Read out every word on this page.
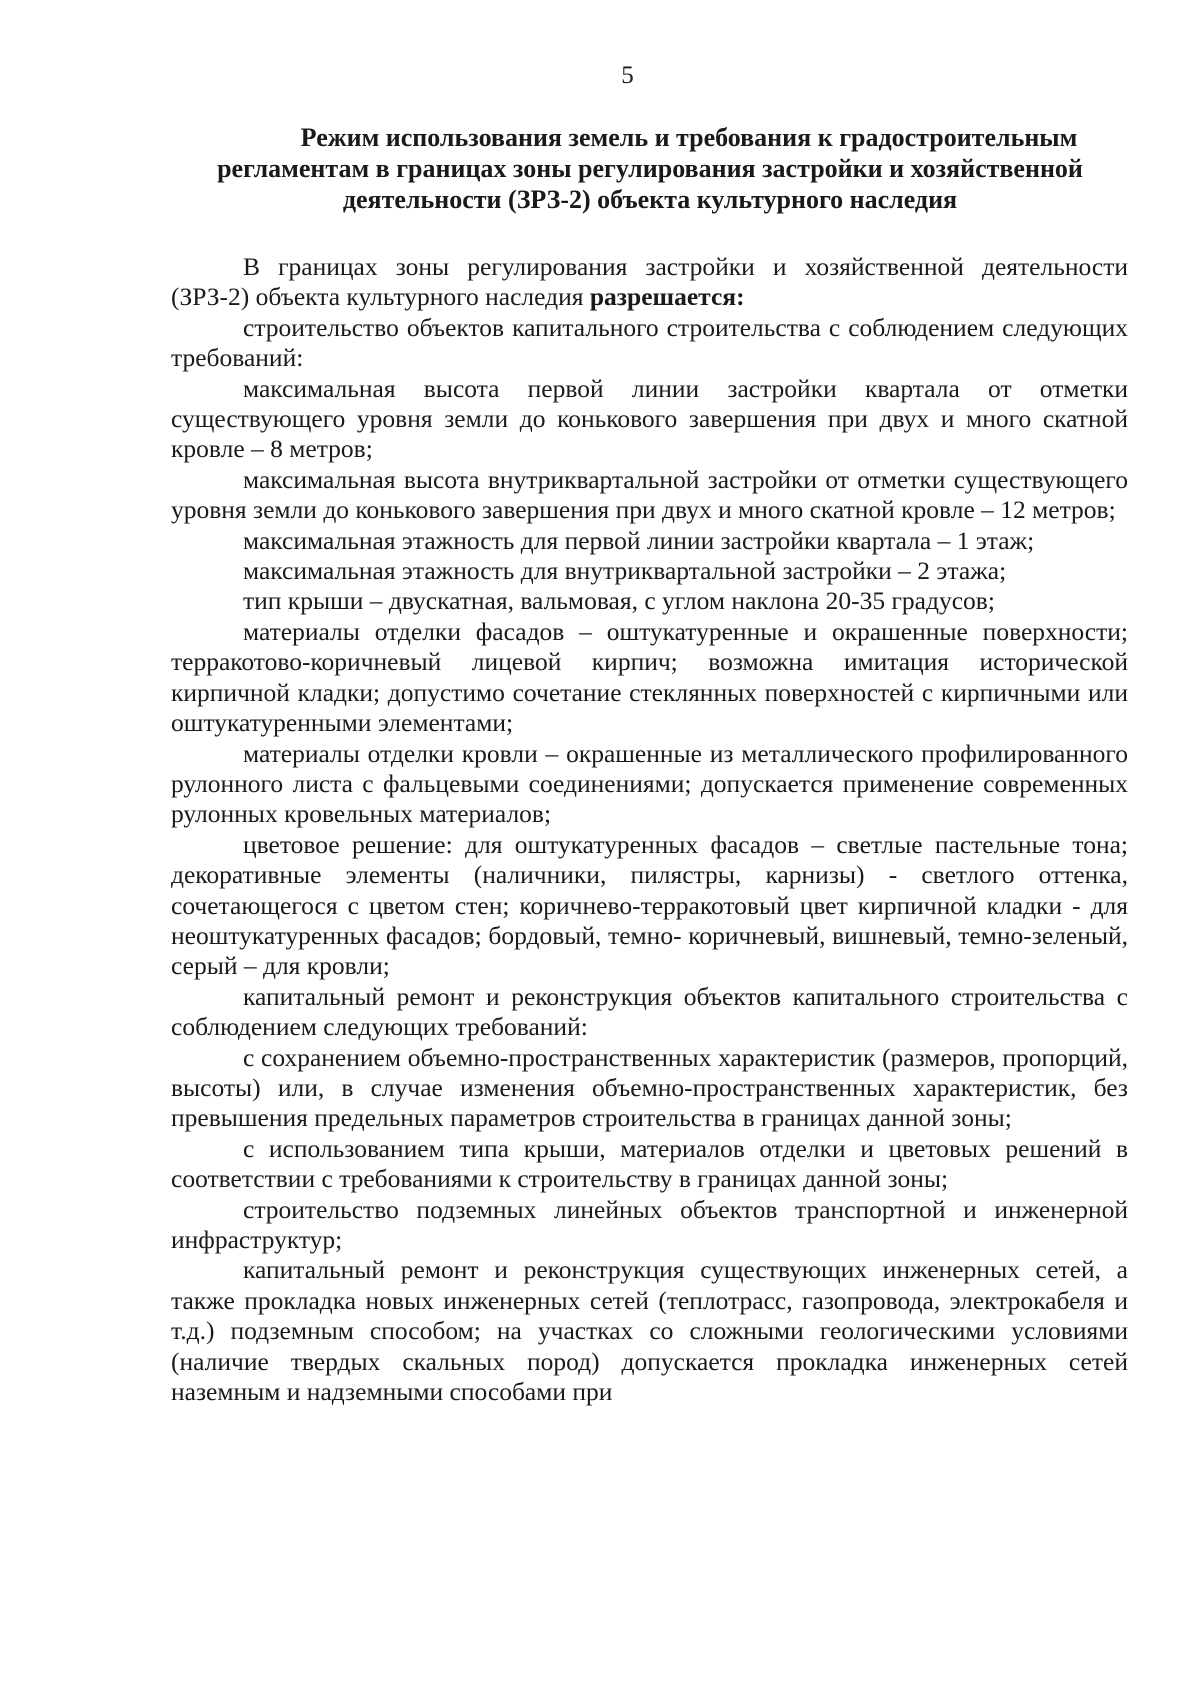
5
Режим использования земель и требования к градостроительным
регламентам в границах зоны регулирования застройки и хозяйственной
деятельности (ЗРЗ-2) объекта культурного наследия

В границах зоны регулирования застройки и хозяйственной деятельности (ЗРЗ-2) объекта культурного наследия разрешается:

строительство объектов капитального строительства с соблюдением следующих требований:

максимальная высота первой линии застройки квартала от отметки существующего уровня земли до конькового завершения при двух и много скатной кровле – 8 метров;

максимальная высота внутриквартальной застройки от отметки существующего уровня земли до конькового завершения при двух и много скатной кровле – 12 метров;

максимальная этажность для первой линии застройки квартала – 1 этаж;

максимальная этажность для внутриквартальной застройки – 2 этажа;

тип крыши – двускатная, вальмовая, с углом наклона 20-35 градусов;

материалы отделки фасадов – оштукатуренные и окрашенные поверхности; терракотово-коричневый лицевой кирпич; возможна имитация исторической кирпичной кладки; допустимо сочетание стеклянных поверхностей с кирпичными или оштукатуренными элементами;

материалы отделки кровли – окрашенные из металлического профилированного рулонного листа с фальцевыми соединениями; допускается применение современных рулонных кровельных материалов;

цветовое решение: для оштукатуренных фасадов – светлые пастельные тона; декоративные элементы (наличники, пилястры, карнизы) - светлого оттенка, сочетающегося с цветом стен; коричнево-терракотовый цвет кирпичной кладки - для неоштукатуренных фасадов; бордовый, темно- коричневый, вишневый, темно-зеленый, серый – для кровли;

капитальный ремонт и реконструкция объектов капитального строительства с соблюдением следующих требований:

с сохранением объемно-пространственных характеристик (размеров, пропорций, высоты) или, в случае изменения объемно-пространственных характеристик, без превышения предельных параметров строительства в границах данной зоны;

с использованием типа крыши, материалов отделки и цветовых решений в соответствии с требованиями к строительству в границах данной зоны;

строительство подземных линейных объектов транспортной и инженерной инфраструктур;

капитальный ремонт и реконструкция существующих инженерных сетей, а также прокладка новых инженерных сетей (теплотрасс, газопровода, электрокабеля и т.д.) подземным способом; на участках со сложными геологическими условиями (наличие твердых скальных пород) допускается прокладка инженерных сетей наземным и надземными способами при
